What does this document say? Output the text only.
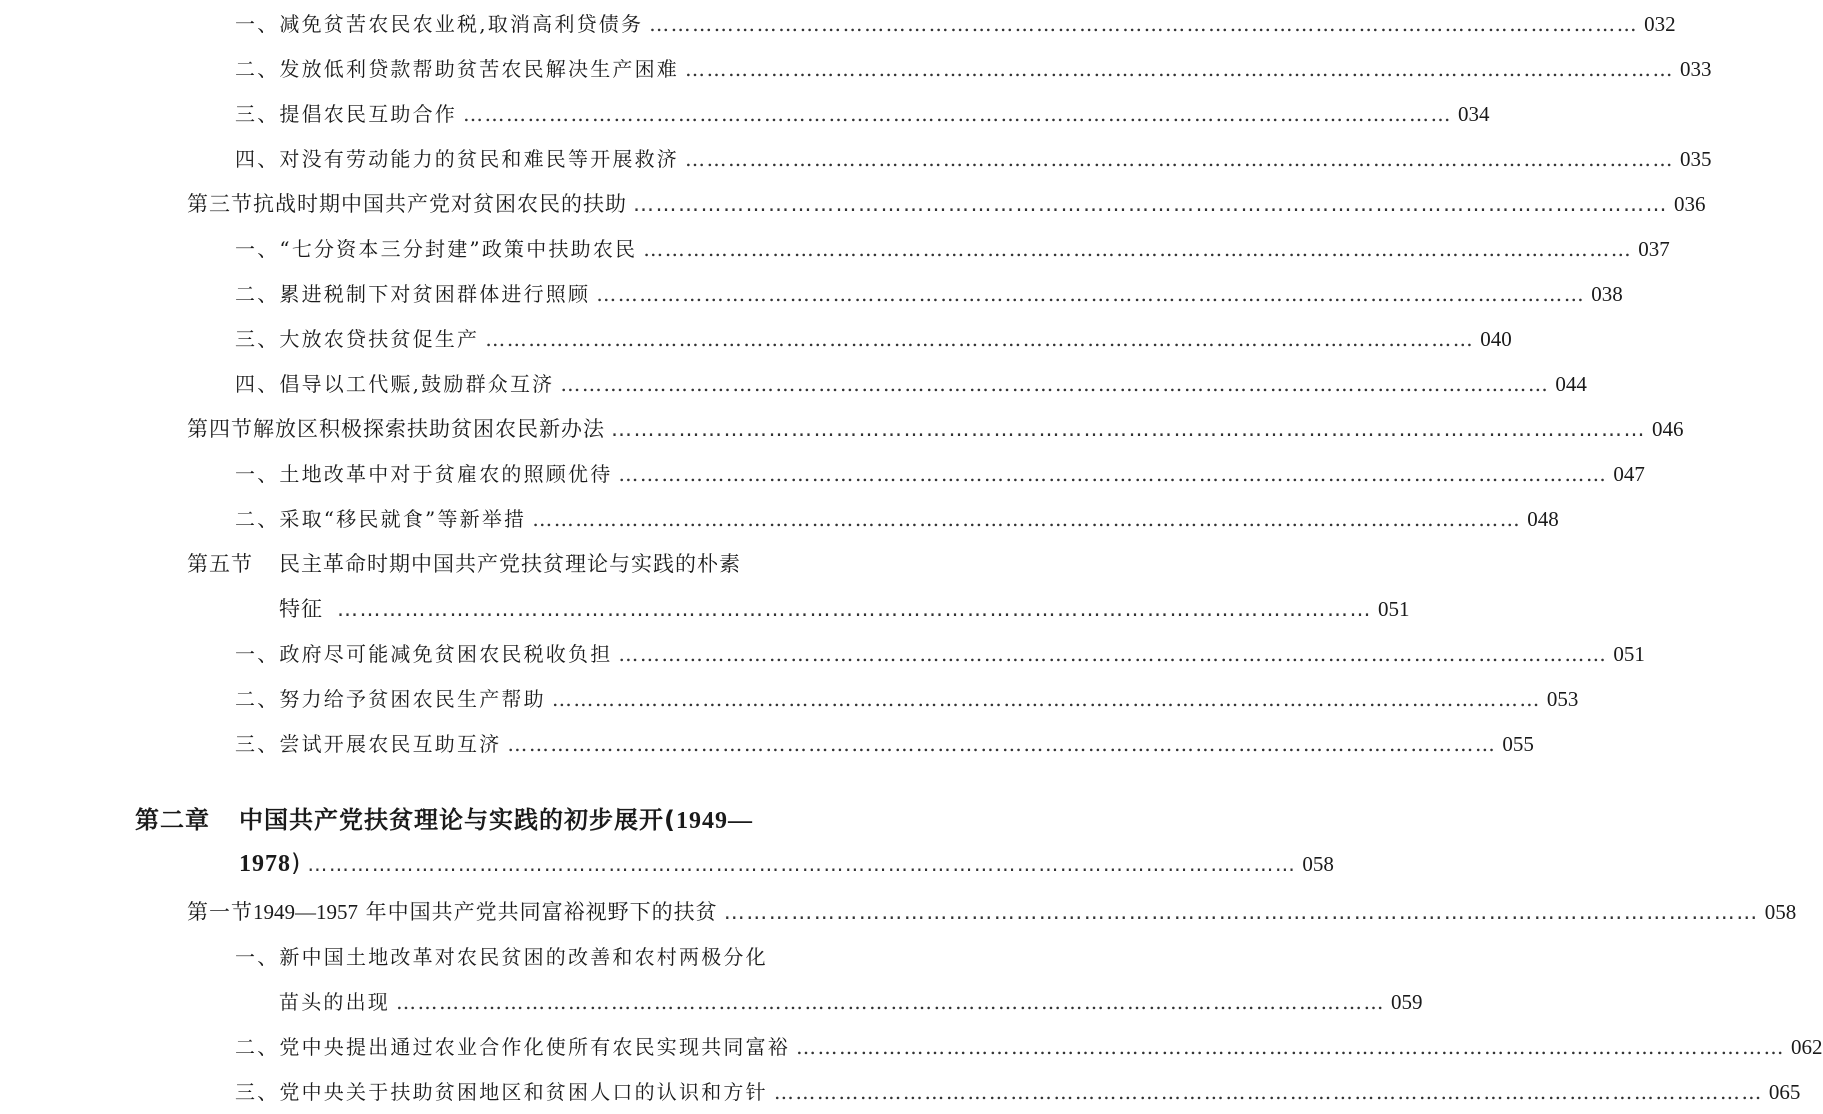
一、 减免贫苦农民农业税,取消高利贷债务 ………………………………………………………………………………………………………………………… 032
二、 发放低利贷款帮助贫苦农民解决生产困难 ………………………………………………………………………………………………………………………… 033
三、 提倡农民互助合作 ………………………………………………………………………………………………………………………… 034
四、 对没有劳动能力的贫民和难民等开展救济 ………………………………………………………………………………………………………………………… 035
第三节 抗战时期中国共产党对贫困农民的扶助 ………………………………………………………………………………………………………………………… 036
一、 “七分资本三分封建”政策中扶助农民 ………………………………………………………………………………………………………………………… 037
二、 累进税制下对贫困群体进行照顾 ………………………………………………………………………………………………………………………… 038
三、 大放农贷扶贫促生产 ………………………………………………………………………………………………………………………… 040
四、 倡导以工代赈,鼓励群众互济 ………………………………………………………………………………………………………………………… 044
第四节 解放区积极探索扶助贫困农民新办法 ………………………………………………………………………………………………………………………… 046
一、 土地改革中对于贫雇农的照顾优待 ………………………………………………………………………………………………………………………… 047
二、 采取“移民就食”等新举措 ………………………………………………………………………………………………………………………… 048
第五节	民主革命时期中国共产党扶贫理论与实践的朴素
特征 ………………………………………………………………………………………………………………………… 051
一、 政府尽可能减免贫困农民税收负担 ………………………………………………………………………………………………………………………… 051
二、 努力给予贫困农民生产帮助 ………………………………………………………………………………………………………………………… 053
三、 尝试开展农民互助互济 ………………………………………………………………………………………………………………………… 055
第二章	中国共产党扶贫理论与实践的初步展开( 1949—
1978 ) ………………………………………………………………………………………………………………………… 058
第一节 1949—1957 年中国共产党共同富裕视野下的扶贫 ………………………………………………………………………………………………………………………… 058
一、 新中国土地改革对农民贫困的改善和农村两极分化
苗头的出现 ………………………………………………………………………………………………………………………… 059
二、 党中央提出通过农业合作化使所有农民实现共同富裕 ………………………………………………………………………………………………………………………… 062
三、 党中央关于扶助贫困地区和贫困人口的认识和方针 ………………………………………………………………………………………………………………………… 065
